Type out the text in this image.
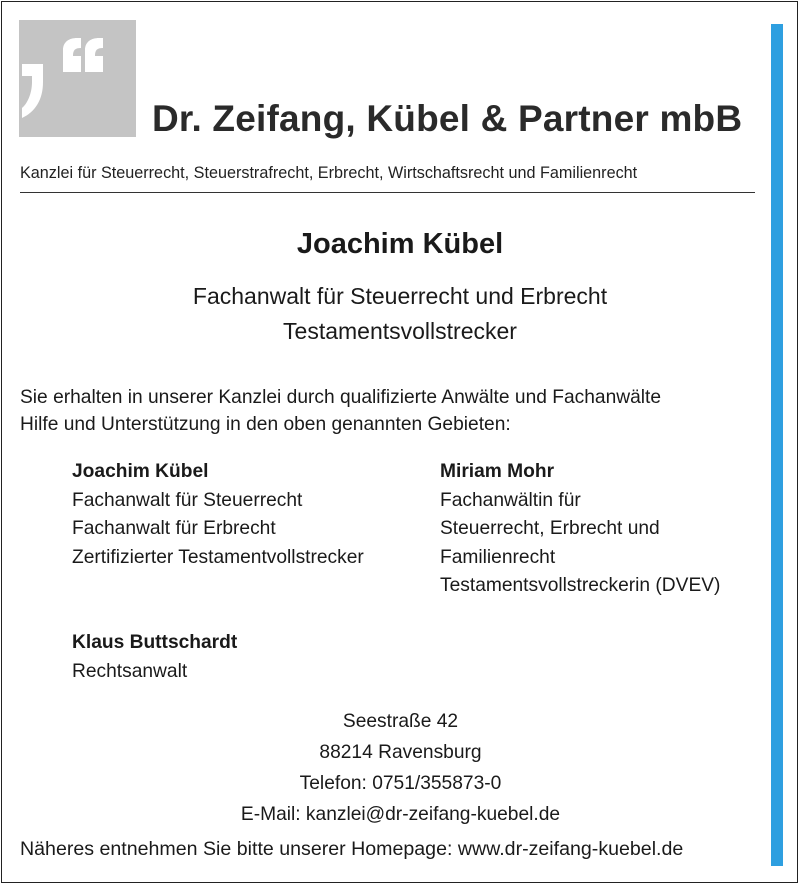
Dr. Zeifang, Kübel & Partner mbB
Kanzlei für Steuerrecht, Steuerstrafrecht, Erbrecht, Wirtschaftsrecht und Familienrecht
Joachim Kübel
Fachanwalt für Steuerrecht und Erbrecht
Testamentsvollstrecker
Sie erhalten in unserer Kanzlei durch qualifizierte Anwälte und Fachanwälte
Hilfe und Unterstützung in den oben genannten Gebieten:
Joachim Kübel
Fachanwalt für Steuerrecht
Fachanwalt für Erbrecht
Zertifizierter Testamentvollstrecker
Miriam Mohr
Fachanwältin für
Steuerrecht, Erbrecht und
Familienrecht
Testamentsvollstreckerin (DVEV)
Klaus Buttschardt
Rechtsanwalt
Seestraße 42
88214 Ravensburg
Telefon: 0751/355873-0
E-Mail: kanzlei@dr-zeifang-kuebel.de
Näheres entnehmen Sie bitte unserer Homepage: www.dr-zeifang-kuebel.de
